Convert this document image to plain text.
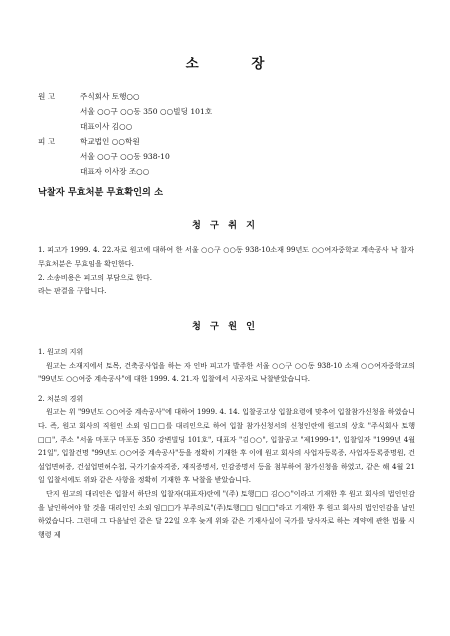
소 장
원 고	주식회사 토행○○
서울 ○○구 ○○동 350 ○○빌딩 101호
대표이사 김○○
피 고	학교법인 ○○학원
서울 ○○구 ○○동 938-10
대표자 이사장 조○○
낙찰자 무효처분 무효확인의 소
청 구 취 지
1. 피고가 1999. 4. 22.자로 원고에 대하여 한 서울 ○○구 ○○동 938-10소재 99년도 ○○여자중학교 계속공사 낙 찰자 무효처분은 무효임을 확인한다.
2. 소송비용은 피고의 부담으로 한다.
라는 판결을 구합니다.
청 구 원 인

1. 원고의 지위

원고는 소재지에서 토목, 건축공사업을 하는 자 인바 피고가 발주한 서울 ○○구 ○○동 938-10 소재 ○○여자중학교의 "99년도 ○○여중 계속공사"에 대한 1999. 4. 21.자 입찰에서 시공자로 낙찰받았습니다.

2. 처분의 경위

원고는 위 "99년도 ○○여중 계속공사"에 대하여 1999. 4. 14. 입찰공고상 입찰요령에 맞추어 입찰참가신청을 하였습니다. 즉, 원고 회사의 직원인 소외 임□□를 대리인으로 하여 입찰 참가신청서의 신청인란에 원고의 상호 "주식회사 토행□□", 주소 "서울 마포구 마포동 350 강변빌딩 101호", 대표자 "김○○", 입찰공고 "제1999-1", 입찰일자 "1999년 4월 21일", 입찰건명 "99년도 ○○여중 계속공사"등을 정확히 기재한 후 이에 원고 회사의 사업자등록증, 사업자등록증명원, 건설업면허증, 건설업면허수첩, 국가기술자격증, 재직증명서, 인감증명서 등을 첨부하여 참가신청을 하였고, 같은 해 4월 21일 입찰서에도 위와 같은 사항을 정확히 기재한 후 낙찰을 받았습니다.

단지 원고의 대리인은 입찰서 하단의 입찰자(대표자)란에 "(주) 토행□□ 김○○"이라고 기재한 후 원고 회사의 법인인감을 날인하여야 할 것을 대리인인 소외 임□□가 부주의로"(주)토행□□ 임□□"라고 기재한 후 원고 회사의 법인인감을 날인하였습니다. 그런데 그 다음날인 같은 달 22일 오후 늦게 위와 같은 기재사실이 국가를 당사자로 하는 계약에 관한 법률 시행령 제
